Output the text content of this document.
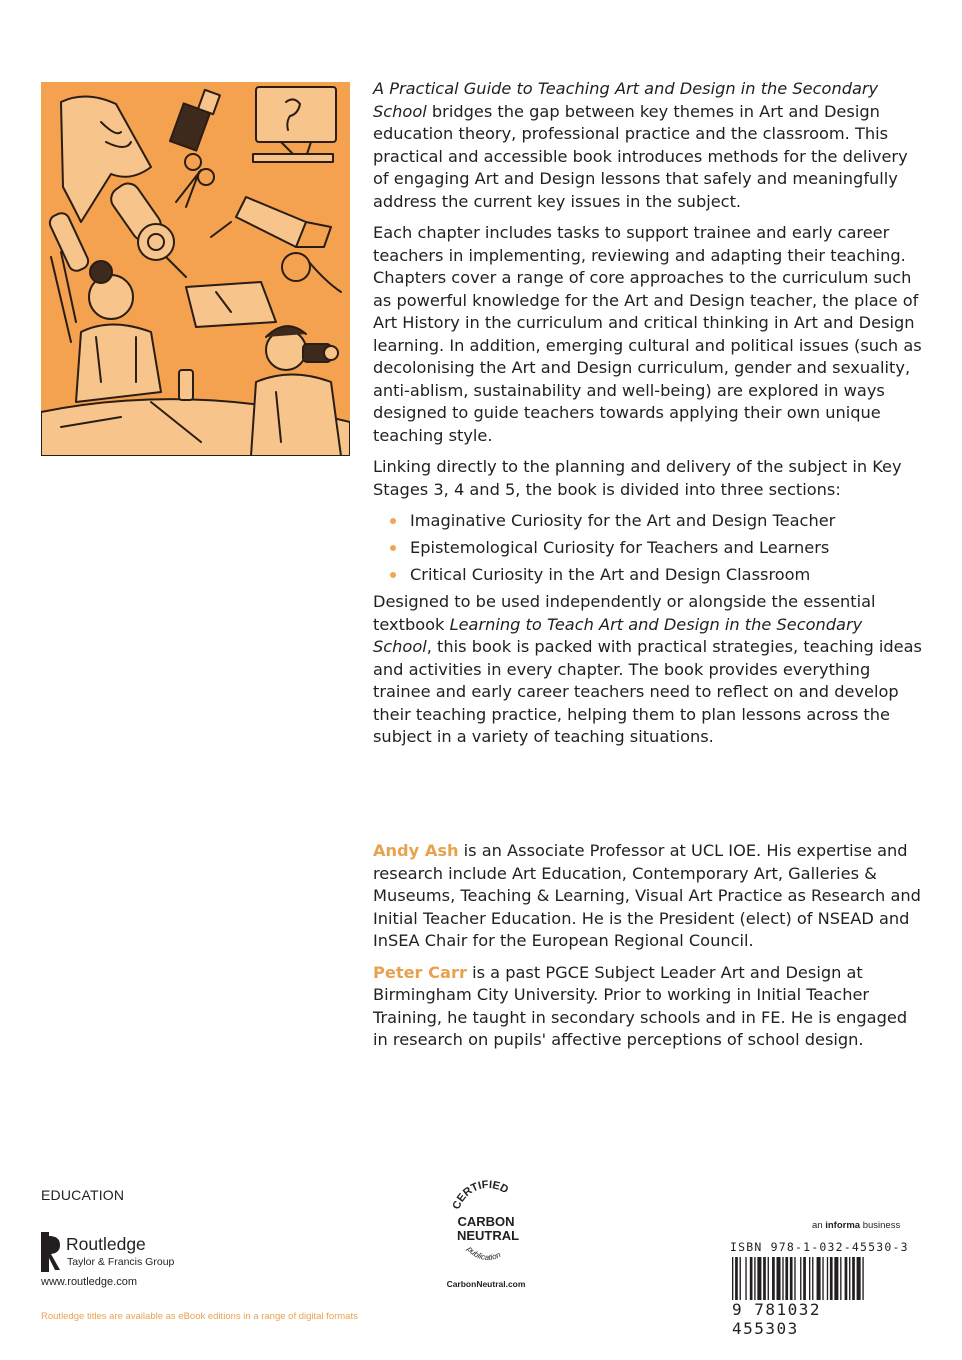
A Practical Guide to Teaching Art and Design in the Secondary School bridges the gap between key themes in Art and Design education theory, professional practice and the classroom. This practical and accessible book introduces methods for the delivery of engaging Art and Design lessons that safely and meaningfully address the current key issues in the subject.

Each chapter includes tasks to support trainee and early career teachers in implementing, reviewing and adapting their teaching. Chapters cover a range of core approaches to the curriculum such as powerful knowledge for the Art and Design teacher, the place of Art History in the curriculum and critical thinking in Art and Design learning. In addition, emerging cultural and political issues (such as decolonising the Art and Design curriculum, gender and sexuality, anti-ablism, sustainability and well-being) are explored in ways designed to guide teachers towards applying their own unique teaching style.

Linking directly to the planning and delivery of the subject in Key Stages 3, 4 and 5, the book is divided into three sections:

Imaginative Curiosity for the Art and Design Teacher
Epistemological Curiosity for Teachers and Learners
Critical Curiosity in the Art and Design Classroom

Designed to be used independently or alongside the essential textbook Learning to Teach Art and Design in the Secondary School, this book is packed with practical strategies, teaching ideas and activities in every chapter. The book provides everything trainee and early career teachers need to reflect on and develop their teaching practice, helping them to plan lessons across the subject in a variety of teaching situations.

Andy Ash is an Associate Professor at UCL IOE. His expertise and research include Art Education, Contemporary Art, Galleries & Museums, Teaching & Learning, Visual Art Practice as Research and Initial Teacher Education. He is the President (elect) of NSEAD and InSEA Chair for the European Regional Council.

Peter Carr is a past PGCE Subject Leader Art and Design at Birmingham City University. Prior to working in Initial Teacher Training, he taught in secondary schools and in FE. He is engaged in research on pupils' affective perceptions of school design.

EDUCATION
Routledge
Taylor & Francis Group
www.routledge.com
Routledge titles are available as eBook editions in a range of digital formats
CERTIFIED
CARBON
NEUTRAL
publication
CarbonNeutral.com
an informa business
ISBN 978-1-032-45530-3
9 781032 455303
